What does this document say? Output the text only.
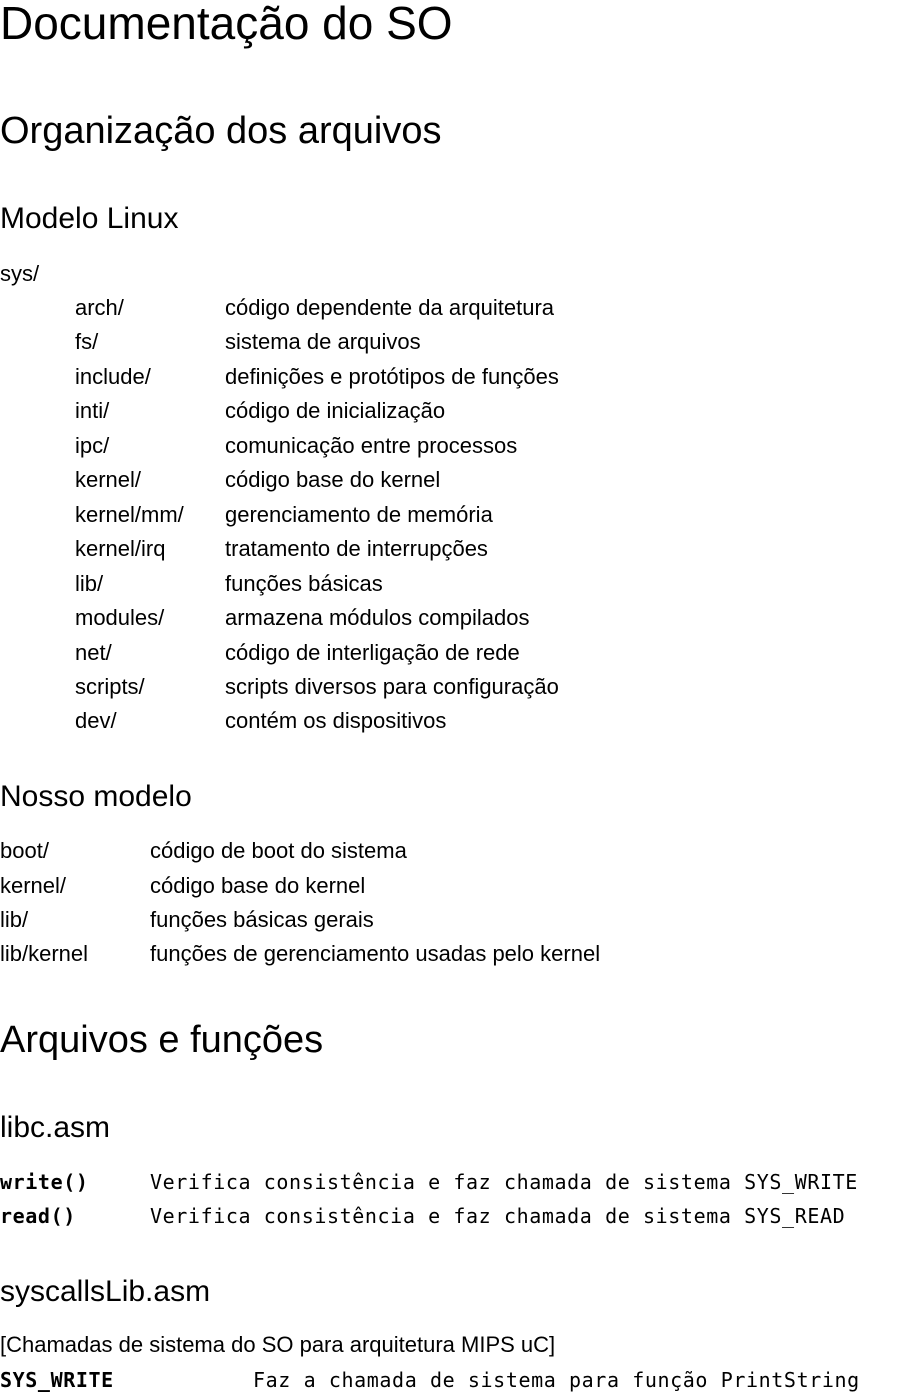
Documentação do SO
Organização dos arquivos
Modelo Linux
sys/
arch/	código dependente da arquitetura
fs/	sistema de arquivos
include/	definições e protótipos de funções
inti/	código de inicialização
ipc/	comunicação entre processos
kernel/	código base do kernel
kernel/mm/ gerenciamento de memória
kernel/irq	tratamento de interrupções
lib/	funções básicas
modules/	armazena módulos compilados
net/	código de interligação de rede
scripts/	scripts diversos para configuração
dev/	contém os dispositivos
Nosso modelo
boot/	código de boot do sistema
kernel/	código base do kernel
lib/	funções básicas gerais
lib/kernel	funções de gerenciamento usadas pelo kernel
Arquivos e funções
libc.asm
write()	Verifica consistência e faz chamada de sistema SYS_WRITE
read()	Verifica consistência e faz chamada de sistema SYS_READ
syscallsLib.asm
[Chamadas de sistema do SO para arquitetura MIPS uC]
SYS_WRITE	Faz a chamada de sistema para função PrintString
